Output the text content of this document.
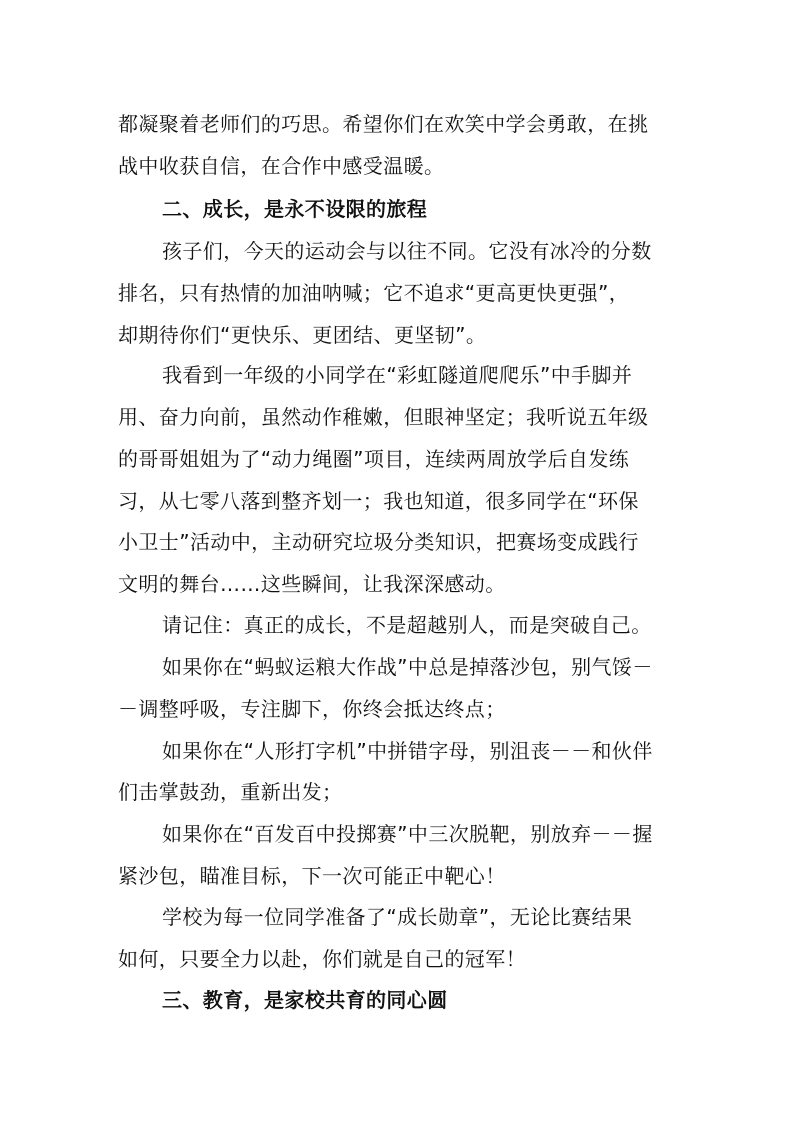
都凝聚着老师们的巧思。希望你们在欢笑中学会勇敢，在挑
战中收获自信，在合作中感受温暖。
二、成长，是永不设限的旅程
孩子们，今天的运动会与以往不同。它没有冰冷的分数
排名，只有热情的加油呐喊；它不追求“更高更快更强”，
却期待你们“更快乐、更团结、更坚韧”。
我看到一年级的小同学在“彩虹隧道爬爬乐”中手脚并
用、奋力向前，虽然动作稚嫩，但眼神坚定；我听说五年级
的哥哥姐姐为了“动力绳圈”项目，连续两周放学后自发练
习，从七零八落到整齐划一；我也知道，很多同学在“环保
小卫士”活动中，主动研究垃圾分类知识，把赛场变成践行
文明的舞台……这些瞬间，让我深深感动。
请记住：真正的成长，不是超越别人，而是突破自己。
如果你在“蚂蚁运粮大作战”中总是掉落沙包，别气馁－
－调整呼吸，专注脚下，你终会抵达终点；
如果你在“人形打字机”中拼错字母，别沮丧－－和伙伴
们击掌鼓劲，重新出发；
如果你在“百发百中投掷赛”中三次脱靶，别放弃－－握
紧沙包，瞄准目标，下一次可能正中靶心！
学校为每一位同学准备了“成长勋章”，无论比赛结果
如何，只要全力以赴，你们就是自己的冠军！
三、教育，是家校共育的同心圆
